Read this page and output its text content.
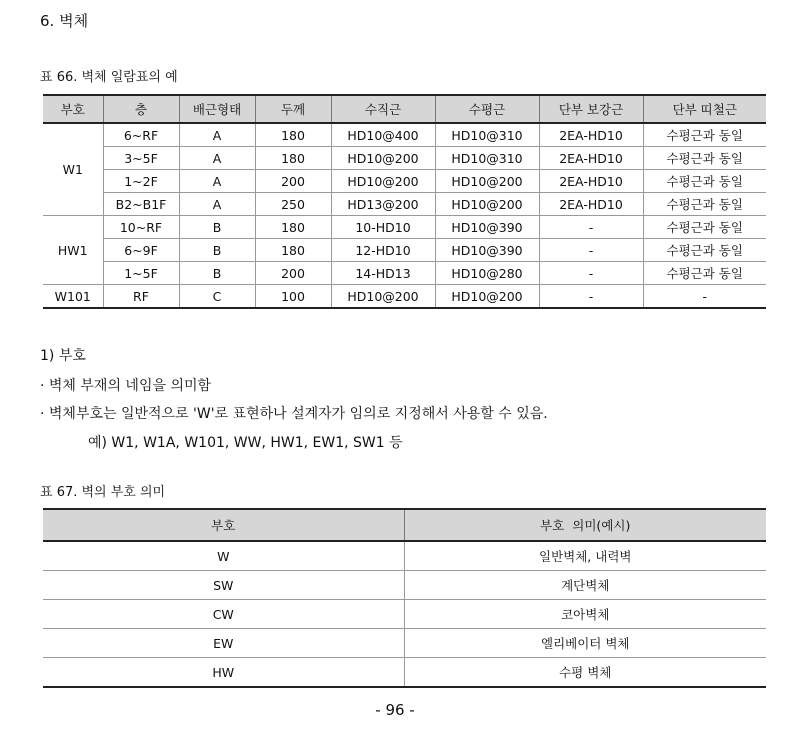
6. 벽체
표 66. 벽체 일람표의 예
부호	층	배근형태	두께	수직근	수평근	단부 보강근	단부 띠철근
W1	6~RF	A	180	HD10@400	HD10@310	2EA-HD10	수평근과 동일
	3~5F	A	180	HD10@200	HD10@310	2EA-HD10	수평근과 동일
	1~2F	A	200	HD10@200	HD10@200	2EA-HD10	수평근과 동일
	B2~B1F	A	250	HD13@200	HD10@200	2EA-HD10	수평근과 동일
HW1	10~RF	B	180	10-HD10	HD10@390	-	수평근과 동일
	6~9F	B	180	12-HD10	HD10@390	-	수평근과 동일
	1~5F	B	200	14-HD13	HD10@280	-	수평근과 동일
W101	RF	C	100	HD10@200	HD10@200	-	-
1) 부호
· 벽체 부재의 네임을 의미함
· 벽체부호는 일반적으로 'W'로 표현하나 설계자가 임의로 지정해서 사용할 수 있음.
예) W1, W1A, W101, WW, HW1, EW1, SW1 등
표 67. 벽의 부호 의미
부호	부호  의미(예시)
W	일반벽체, 내력벽
SW	계단벽체
CW	코아벽체
EW	엘리베이터 벽체
HW	수평 벽체
- 96 -
